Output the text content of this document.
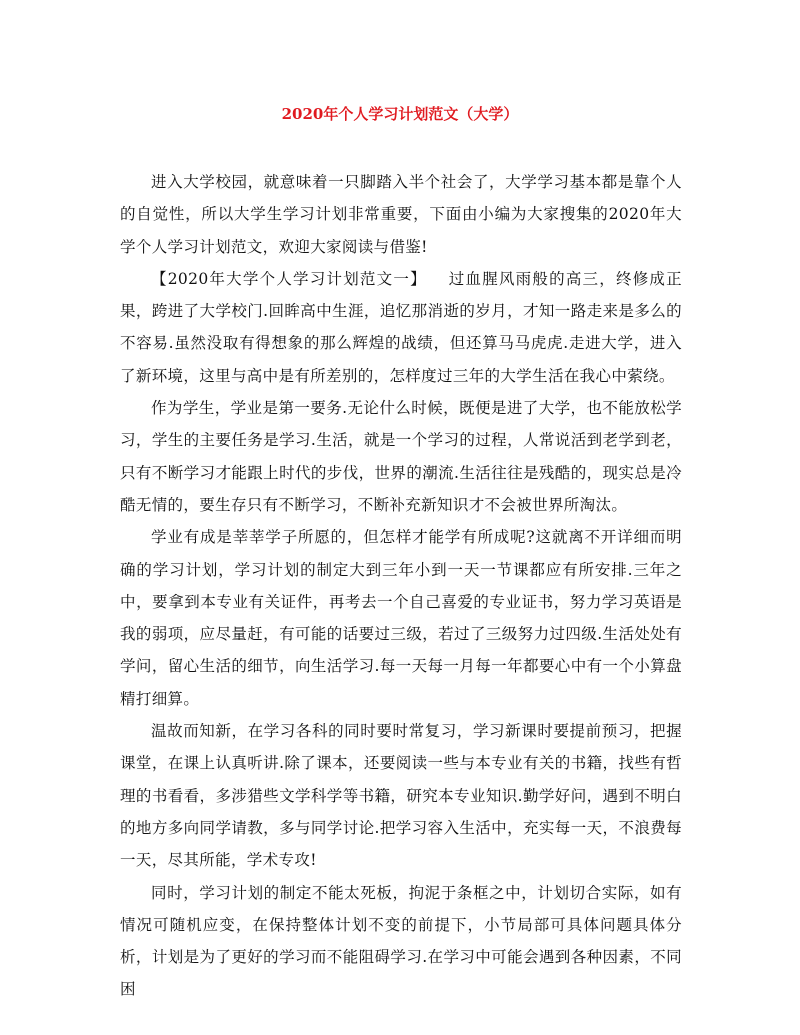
2020年个人学习计划范文（大学）

进入大学校园，就意味着一只脚踏入半个社会了，大学学习基本都是靠个人的自觉性，所以大学生学习计划非常重要，下面由小编为大家搜集的2020年大学个人学习计划范文，欢迎大家阅读与借鉴!

【2020年大学个人学习计划范文一】 过血腥风雨般的高三，终修成正果，跨进了大学校门.回眸高中生涯，追忆那消逝的岁月，才知一路走来是多么的不容易.虽然没取有得想象的那么辉煌的战绩，但还算马马虎虎.走进大学，进入了新环境，这里与高中是有所差别的，怎样度过三年的大学生活在我心中萦绕。

作为学生，学业是第一要务.无论什么时候，既便是进了大学，也不能放松学习，学生的主要任务是学习.生活，就是一个学习的过程，人常说活到老学到老，只有不断学习才能跟上时代的步伐，世界的潮流.生活往往是残酷的，现实总是冷酷无情的，要生存只有不断学习，不断补充新知识才不会被世界所淘汰。

学业有成是莘莘学子所愿的，但怎样才能学有所成呢?这就离不开详细而明确的学习计划，学习计划的制定大到三年小到一天一节课都应有所安排.三年之中，要拿到本专业有关证件，再考去一个自己喜爱的专业证书，努力学习英语是我的弱项，应尽量赶，有可能的话要过三级，若过了三级努力过四级.生活处处有学问，留心生活的细节，向生活学习.每一天每一月每一年都要心中有一个小算盘精打细算。

温故而知新，在学习各科的同时要时常复习，学习新课时要提前预习，把握课堂，在课上认真听讲.除了课本，还要阅读一些与本专业有关的书籍，找些有哲理的书看看，多涉猎些文学科学等书籍，研究本专业知识.勤学好问，遇到不明白的地方多向同学请教，多与同学讨论.把学习容入生活中，充实每一天，不浪费每一天，尽其所能，学术专攻!

同时，学习计划的制定不能太死板，拘泥于条框之中，计划切合实际，如有情况可随机应变，在保持整体计划不变的前提下，小节局部可具体问题具体分析，计划是为了更好的学习而不能阻碍学习.在学习中可能会遇到各种因素，不同困
